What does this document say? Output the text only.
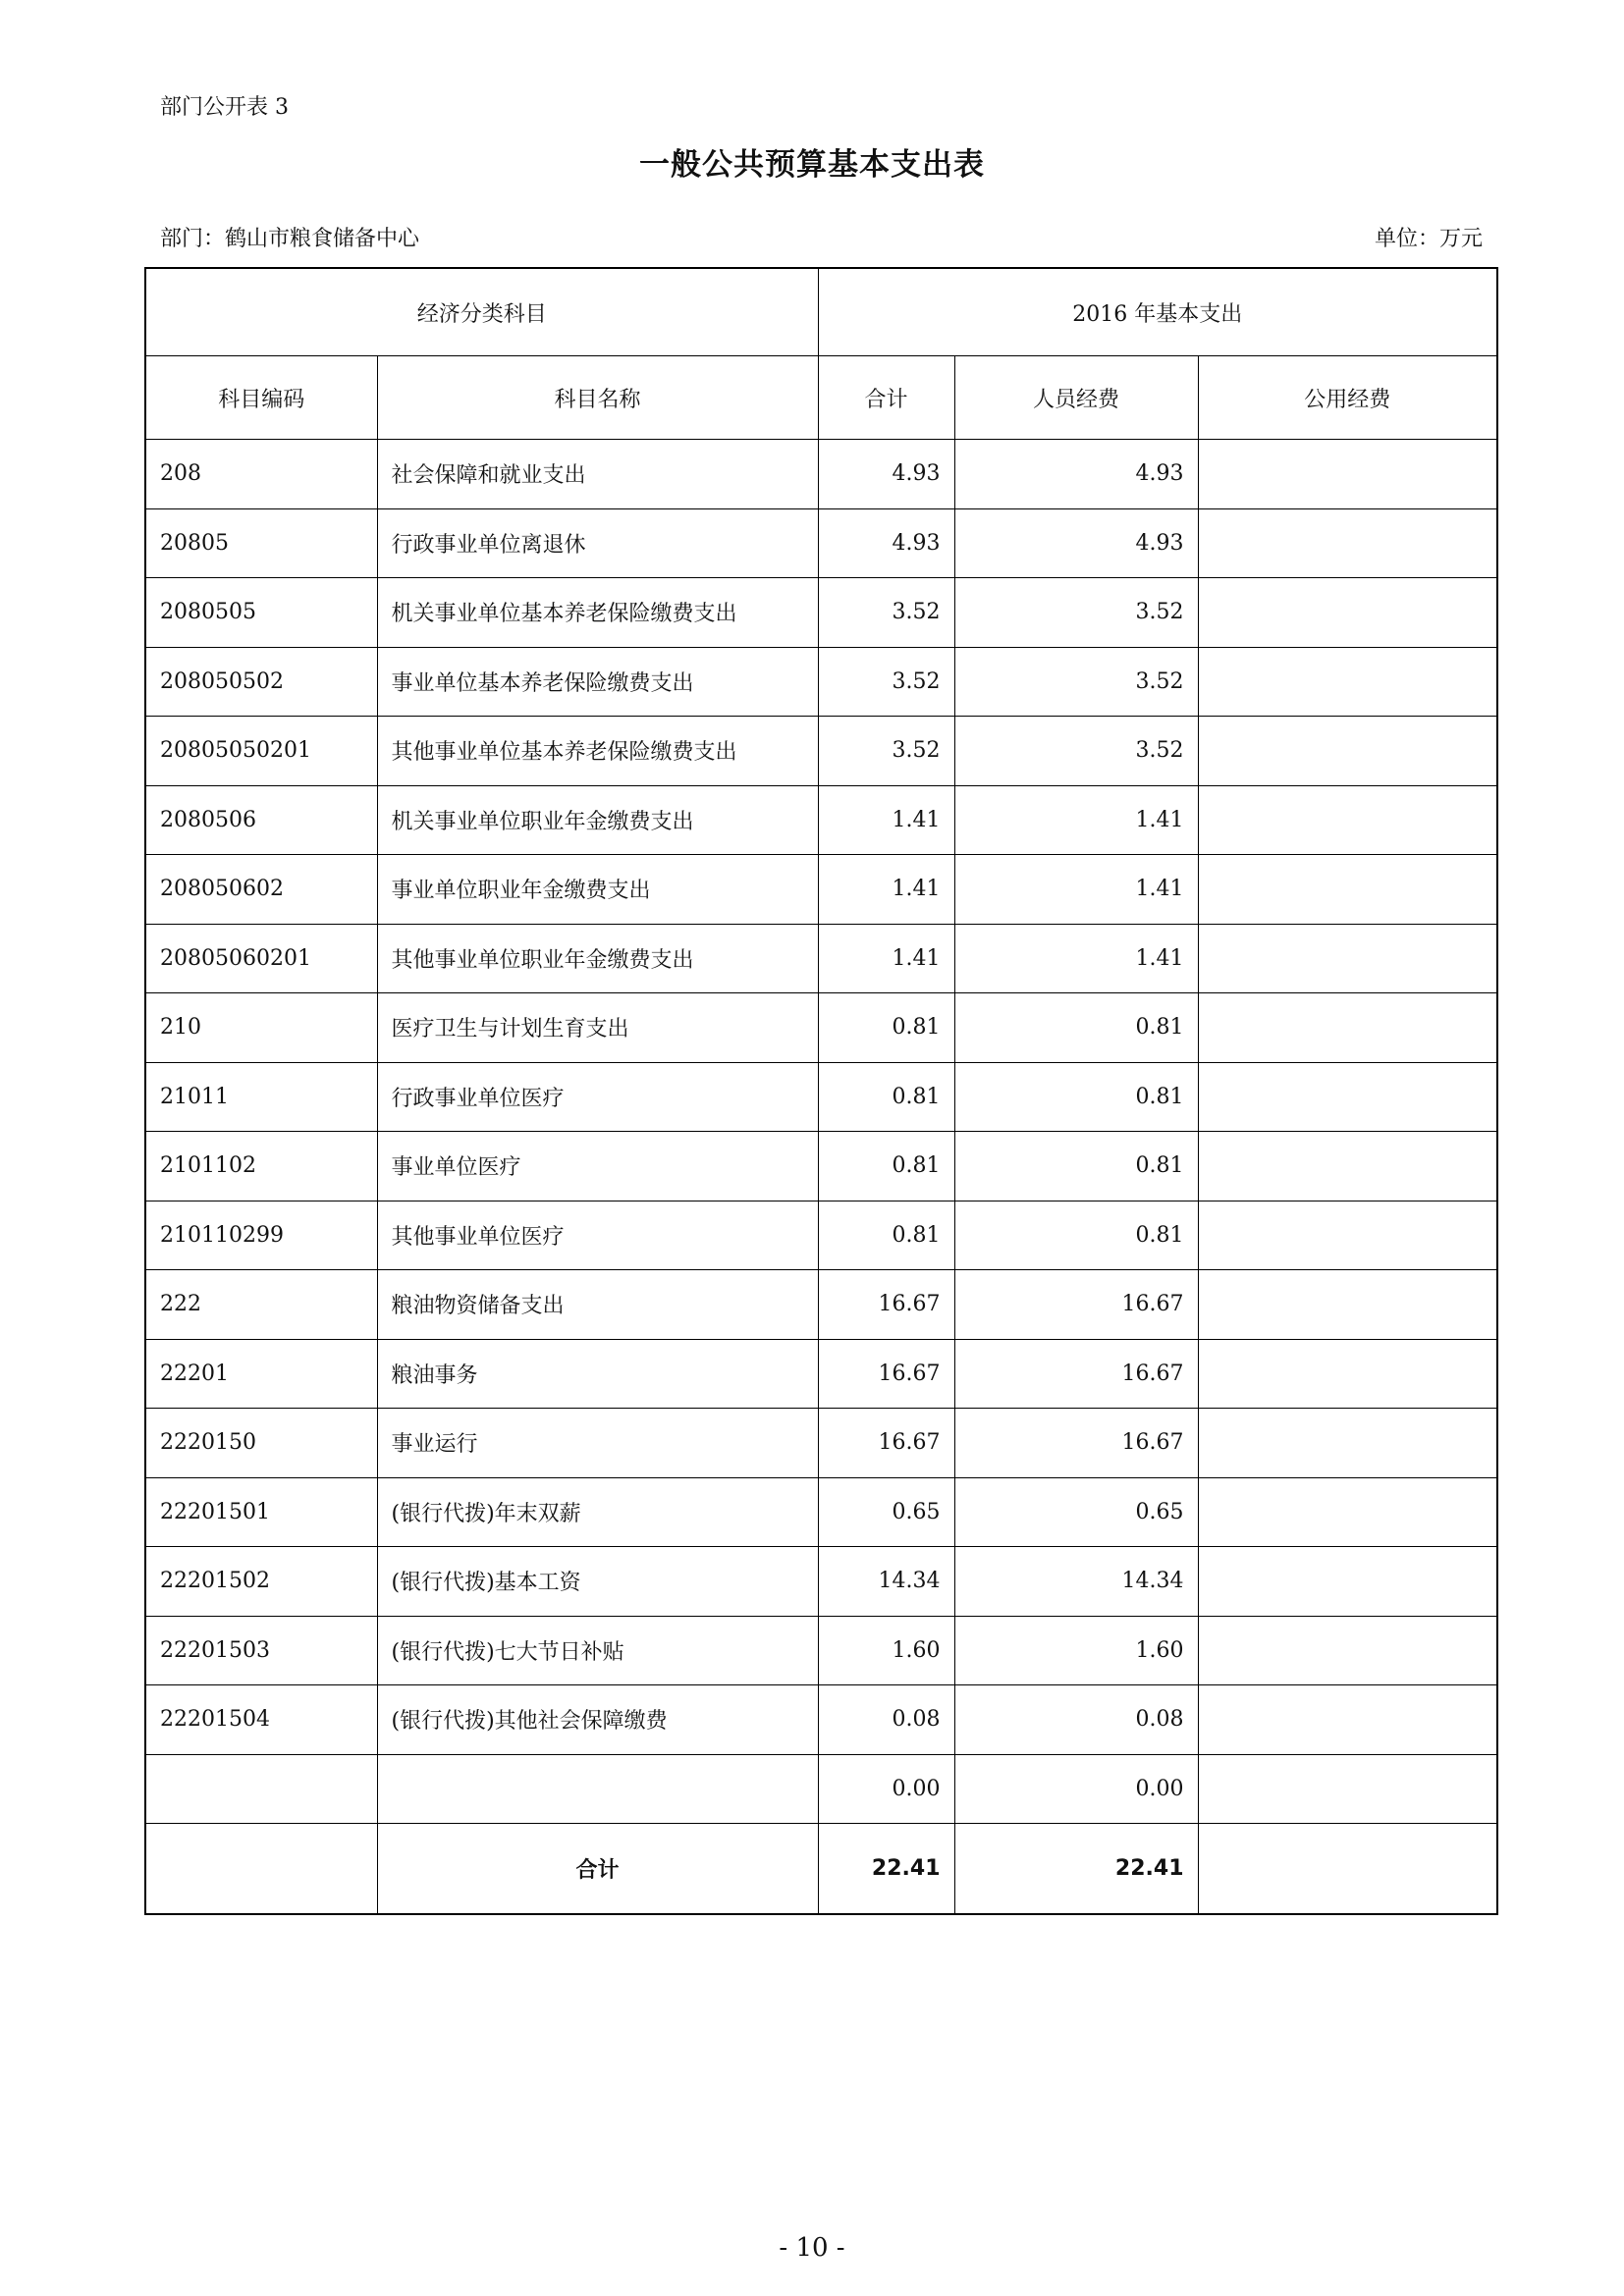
部门公开表 3
一般公共预算基本支出表
部门：鹤山市粮食储备中心	单位：万元
经济分类科目		2016 年基本支出		
科目编码	科目名称	合计	人员经费	公用经费
208	社会保障和就业支出	4.93	4.93	
20805	行政事业单位离退休	4.93	4.93	
2080505	机关事业单位基本养老保险缴费支出	3.52	3.52	
208050502	事业单位基本养老保险缴费支出	3.52	3.52	
20805050201	其他事业单位基本养老保险缴费支出	3.52	3.52	
2080506	机关事业单位职业年金缴费支出	1.41	1.41	
208050602	事业单位职业年金缴费支出	1.41	1.41	
20805060201	其他事业单位职业年金缴费支出	1.41	1.41	
210	医疗卫生与计划生育支出	0.81	0.81	
21011	行政事业单位医疗	0.81	0.81	
2101102	事业单位医疗	0.81	0.81	
210110299	其他事业单位医疗	0.81	0.81	
222	粮油物资储备支出	16.67	16.67	
22201	粮油事务	16.67	16.67	
2220150	事业运行	16.67	16.67	
22201501	(银行代拨)年末双薪	0.65	0.65	
22201502	(银行代拨)基本工资	14.34	14.34	
22201503	(银行代拨)七大节日补贴	1.60	1.60	
22201504	(银行代拨)其他社会保障缴费	0.08	0.08	
		0.00	0.00	
	合计	22.41	22.41	
- 10 -
